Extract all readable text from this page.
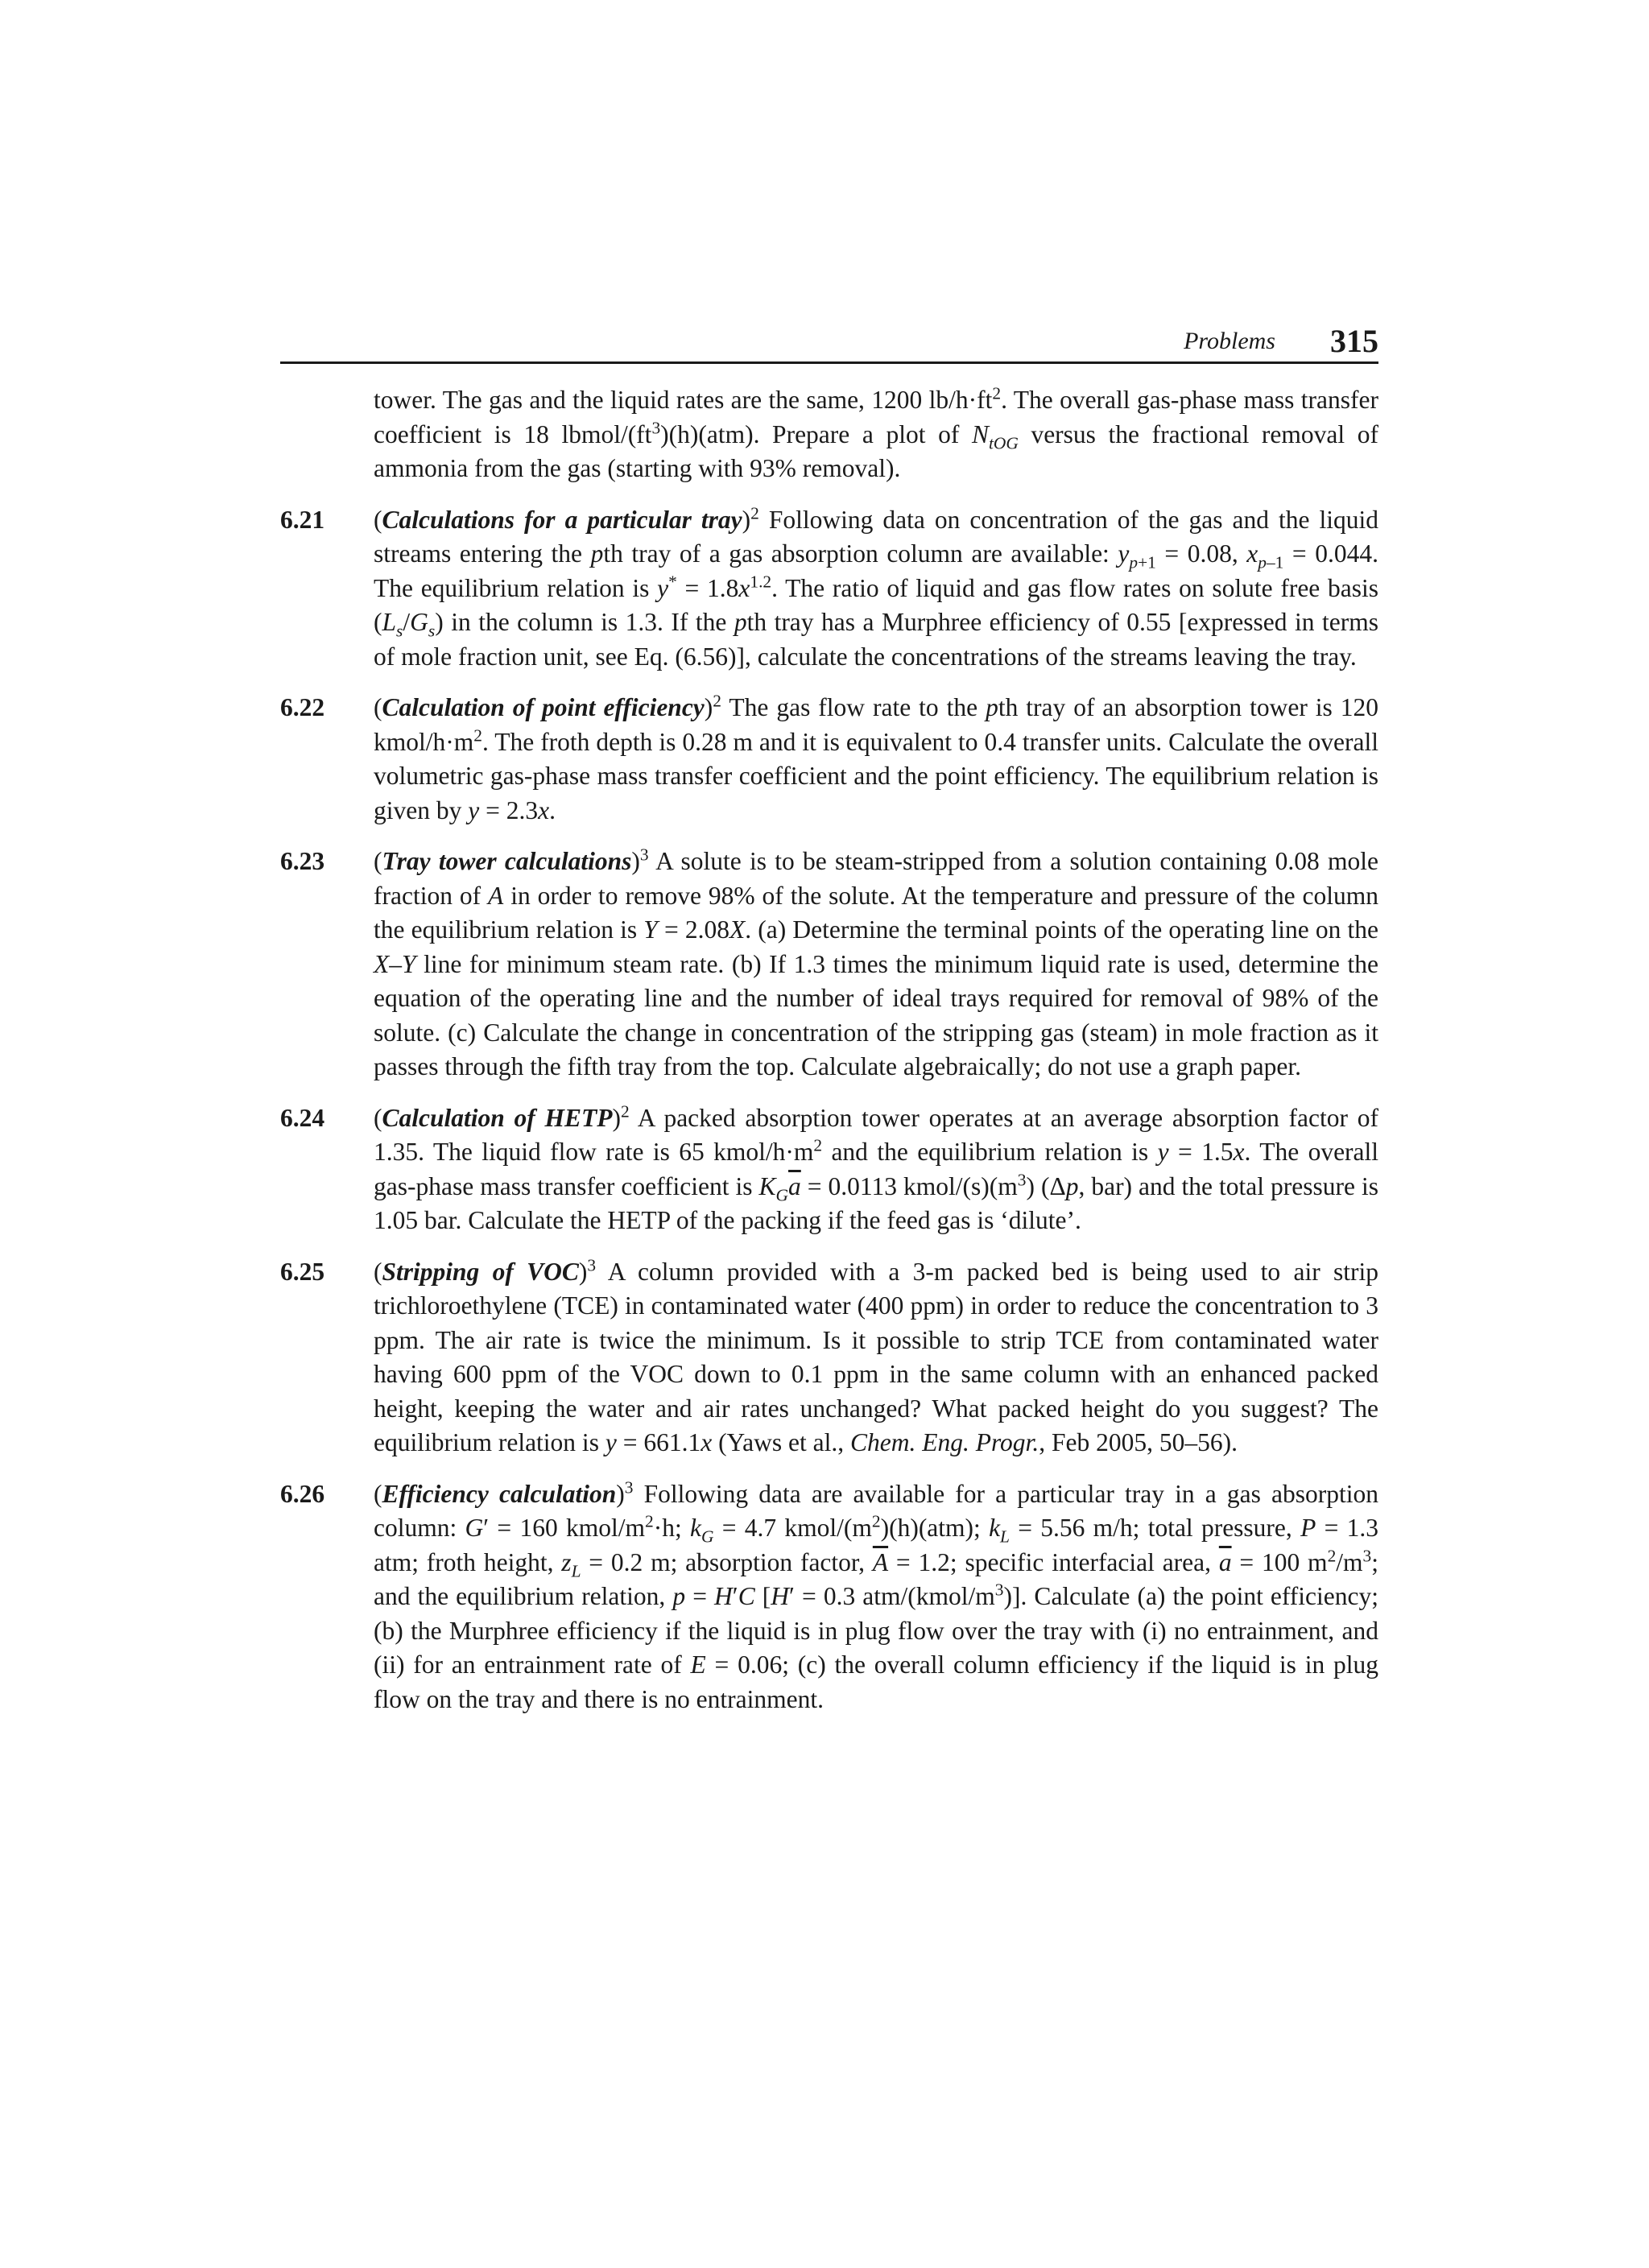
Problems 315

tower. The gas and the liquid rates are the same, 1200 $lb/h\cdot ft^2$. The overall gas-phase mass transfer coefficient is 18 lbmol/$(ft^3)(h)(atm)$. Prepare a plot of $N_{tOG}$ versus the fractional removal of ammonia from the gas (starting with 93% removal).

6.21 (Calculations for a particular tray)$^2$ Following data on concentration of the gas and the liquid streams entering the pth tray of a gas absorption column are available: $y_{p+1} = 0.08$, $x_{p-1} = 0.044$. The equilibrium relation is $y^* = 1.8x^{1.2}$. The ratio of liquid and gas flow rates on solute free basis $(L_s/G_s)$ in the column is 1.3. If the pth tray has a Murphree efficiency of 0.55 [expressed in terms of mole fraction unit, see Eq. (6.56)], calculate the concentrations of the streams leaving the tray.
6.22 (Calculation of point efficiency)$^2$ The gas flow rate to the pth tray of an absorption tower is 120 kmol/$h\cdot m^2$. The froth depth is 0.28 m and it is equivalent to 0.4 transfer units. Calculate the overall volumetric gas-phase mass transfer coefficient and the point efficiency. The equilibrium relation is given by y = 2.3x.
6.23 (Tray tower calculations)$^3$ A solute is to be steam-stripped from a solution containing 0.08 mole fraction of A in order to remove 98% of the solute. At the temperature and pressure of the column the equilibrium relation is Y = 2.08X. (a) Determine the terminal points of the operating line on the X–Y line for minimum steam rate. (b) If 1.3 times the minimum liquid rate is used, determine the equation of the operating line and the number of ideal trays required for removal of 98% of the solute. (c) Calculate the change in concentration of the stripping gas (steam) in mole fraction as it passes through the fifth tray from the top. Calculate algebraically; do not use a graph paper.
6.24 (Calculation of HETP)$^2$ A packed absorption tower operates at an average absorption factor of 1.35. The liquid flow rate is 65 kmol/$h\cdot m^2$ and the equilibrium relation is y = 1.5x. The overall gas-phase mass transfer coefficient is $K_G\overline{a} = 0.0113$ kmol/$(s)(m^3)$ (Δp, bar) and the total pressure is 1.05 bar. Calculate the HETP of the packing if the feed gas is ‘dilute’.
6.25 (Stripping of VOC)$^3$ A column provided with a 3-m packed bed is being used to air strip trichloroethylene (TCE) in contaminated water (400 ppm) in order to reduce the concentration to 3 ppm. The air rate is twice the minimum. Is it possible to strip TCE from contaminated water having 600 ppm of the VOC down to 0.1 ppm in the same column with an enhanced packed height, keeping the water and air rates unchanged? What packed height do you suggest? The equilibrium relation is y = 661.1x (Yaws et al., Chem. Eng. Progr., Feb 2005, 50–56).
6.26 (Efficiency calculation)$^3$ Following data are available for a particular tray in a gas absorption column: G′ = 160 kmol/$m^2\cdot h$; $k_G = 4.7$ kmol/$(m^2)(h)(atm)$; $k_L = 5.56$ m/h; total pressure, P = 1.3 atm; froth height, $z_L = 0.2$ m; absorption factor, $\overline{A} = 1.2$; specific interfacial area, $\overline{a} = 100$ $m^2/m^3$; and the equilibrium relation, p = H′C [H′ = 0.3 atm/$(kmol/m^3)$]. Calculate (a) the point efficiency; (b) the Murphree efficiency if the liquid is in plug flow over the tray with (i) no entrainment, and (ii) for an entrainment rate of E = 0.06; (c) the overall column efficiency if the liquid is in plug flow on the tray and there is no entrainment.
